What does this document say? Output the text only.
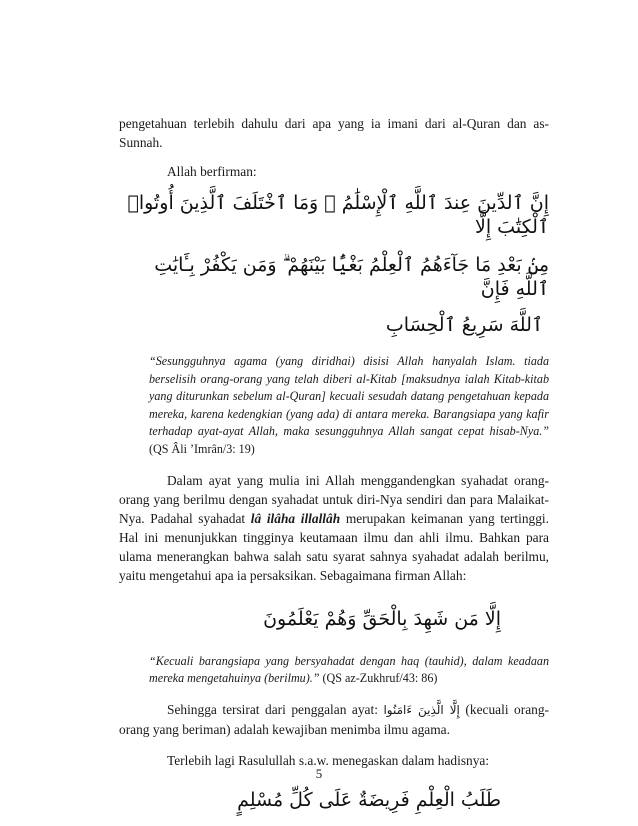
pengetahuan terlebih dahulu dari apa yang ia imani dari al-Quran dan as-Sunnah.

Allah berfirman:

إِنَّ ٱلدِّينَ عِندَ ٱللَّهِ ٱلْإِسْلَٰمُ ۗ وَمَا ٱخْتَلَفَ ٱلَّذِينَ أُوتُوا۟ ٱلْكِتَٰبَ إِلَّا

مِنۢ بَعْدِ مَا جَآءَهُمُ ٱلْعِلْمُ بَغْيًۢا بَيْنَهُمْ ۗ وَمَن يَكْفُرْ بِـَٔايَٰتِ ٱللَّهِ فَإِنَّ

ٱللَّهَ سَرِيعُ ٱلْحِسَابِ

“Sesungguhnya agama (yang diridhai) disisi Allah hanyalah Islam. tiada berselisih orang-orang yang telah diberi al-Kitab [maksudnya ialah Kitab-kitab yang diturunkan sebelum al-Quran] kecuali sesudah datang pengetahuan kepada mereka, karena kedengkian (yang ada) di antara mereka. Barangsiapa yang kafir terhadap ayat-ayat Allah, maka sesungguhnya Allah sangat cepat hisab-Nya.” (QS Âli ’Imrân/3: 19)

Dalam ayat yang mulia ini Allah menggandengkan syahadat orang-orang yang berilmu dengan syahadat untuk diri-Nya sendiri dan para Malaikat-Nya. Padahal syahadat lâ ilâha illallâh merupakan keimanan yang tertinggi. Hal ini menunjukkan tingginya keutamaan ilmu dan ahli ilmu. Bahkan para ulama menerangkan bahwa salah satu syarat sahnya syahadat adalah berilmu, yaitu mengetahui apa ia persaksikan. Sebagaimana firman Allah:

إِلَّا مَن شَهِدَ بِالْحَقِّ وَهُمْ يَعْلَمُونَ

“Kecuali barangsiapa yang bersyahadat dengan haq (tauhid), dalam keadaan mereka mengetahuinya (berilmu).” (QS az-Zukhruf/43: 86)

Sehingga tersirat dari penggalan ayat: إِلَّا الَّذِينَ ءَامَنُوا (kecuali orang-orang yang beriman) adalah kewajiban menimba ilmu agama.

Terlebih lagi Rasulullah s.a.w. menegaskan dalam hadisnya:

طَلَبُ الْعِلْمِ فَرِيضَةٌ عَلَى كُلِّ مُسْلِمٍ

5
